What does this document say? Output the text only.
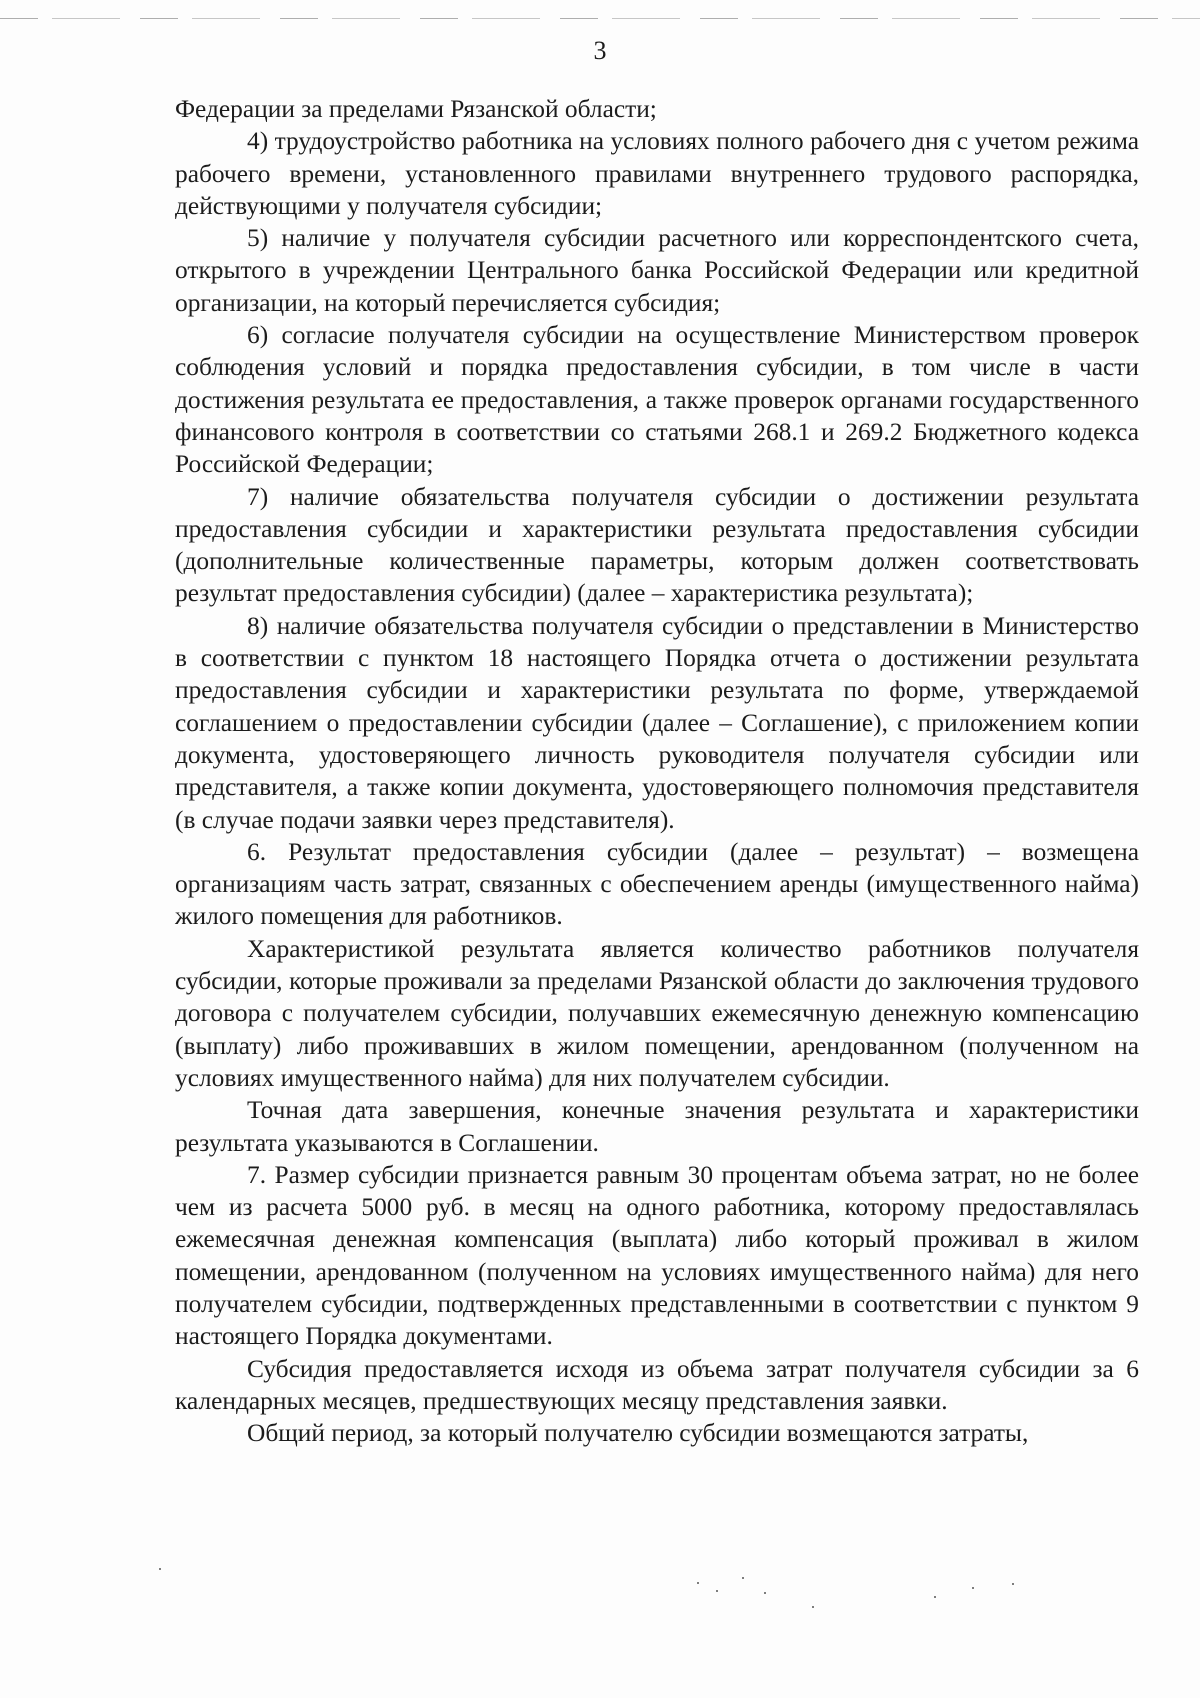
3

Федерации за пределами Рязанской области;

4) трудоустройство работника на условиях полного рабочего дня с учетом режима рабочего времени, установленного правилами внутреннего трудового распорядка, действующими у получателя субсидии;

5) наличие у получателя субсидии расчетного или корреспондентского счета, открытого в учреждении Центрального банка Российской Федерации или кредитной организации, на который перечисляется субсидия;

6) согласие получателя субсидии на осуществление Министерством проверок соблюдения условий и порядка предоставления субсидии, в том числе в части достижения результата ее предоставления, а также проверок органами государственного финансового контроля в соответствии со статьями 268.1 и 269.2 Бюджетного кодекса Российской Федерации;

7) наличие обязательства получателя субсидии о достижении результата предоставления субсидии и характеристики результата предоставления субсидии (дополнительные количественные параметры, которым должен соответствовать результат предоставления субсидии) (далее – характеристика результата);

8) наличие обязательства получателя субсидии о представлении в Министерство в соответствии с пунктом 18 настоящего Порядка отчета о достижении результата предоставления субсидии и характеристики результата по форме, утверждаемой соглашением о предоставлении субсидии (далее – Соглашение), с приложением копии документа, удостоверяющего личность руководителя получателя субсидии или представителя, а также копии документа, удостоверяющего полномочия представителя (в случае подачи заявки через представителя).

6. Результат предоставления субсидии (далее – результат) – возмещена организациям часть затрат, связанных с обеспечением аренды (имущественного найма) жилого помещения для работников.

Характеристикой результата является количество работников получателя субсидии, которые проживали за пределами Рязанской области до заключения трудового договора с получателем субсидии, получавших ежемесячную денежную компенсацию (выплату) либо проживавших в жилом помещении, арендованном (полученном на условиях имущественного найма) для них получателем субсидии.

Точная дата завершения, конечные значения результата и характеристики результата указываются в Соглашении.

7. Размер субсидии признается равным 30 процентам объема затрат, но не более чем из расчета 5000 руб. в месяц на одного работника, которому предоставлялась ежемесячная денежная компенсация (выплата) либо который проживал в жилом помещении, арендованном (полученном на условиях имущественного найма) для него получателем субсидии, подтвержденных представленными в соответствии с пунктом 9 настоящего Порядка документами.

Субсидия предоставляется исходя из объема затрат получателя субсидии за 6 календарных месяцев, предшествующих месяцу представления заявки.

Общий период, за который получателю субсидии возмещаются затраты,
